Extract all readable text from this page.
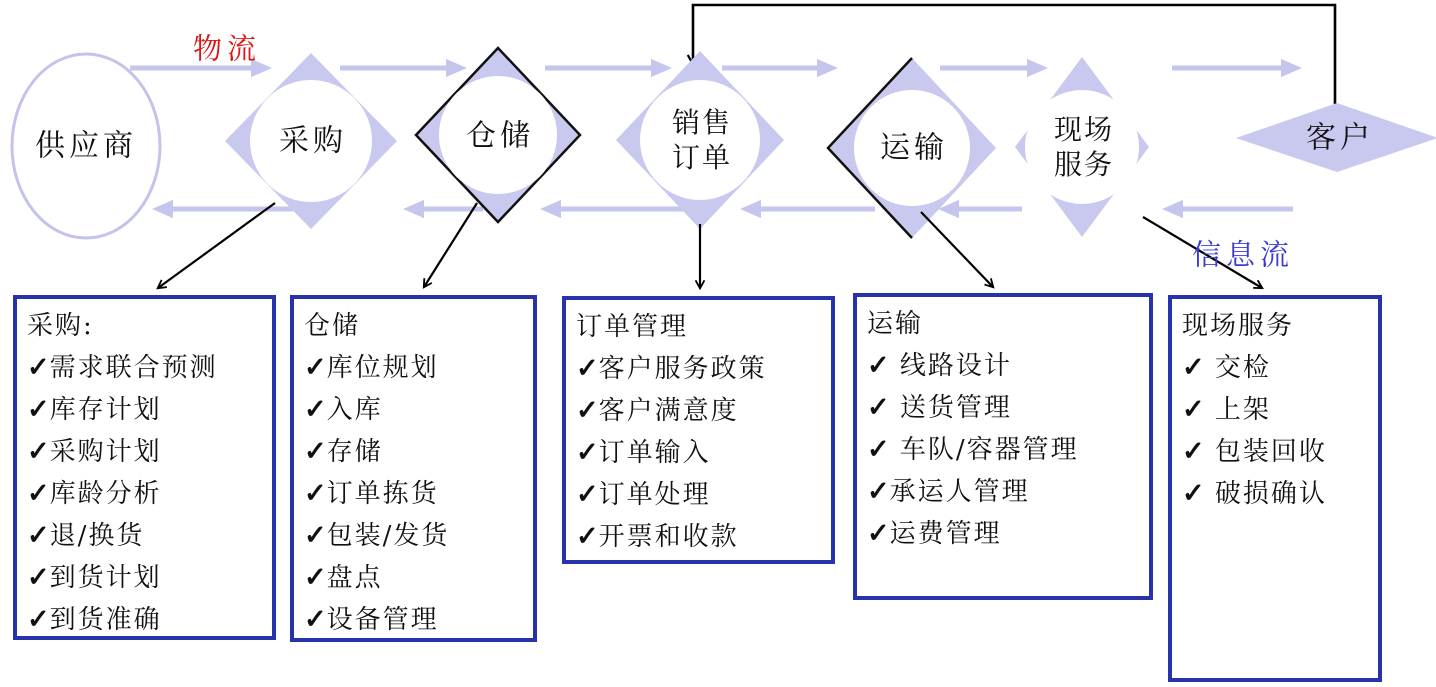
供应商	采购	仓储	销售
订单	运输
现场
服务
客户
物流
信息流
采购:
✓ 需求联合预测
✓ 库存计划
✓ 采购计划
✓ 库龄分析
✓ 退/换货
✓ 到货计划
✓ 到货准确
仓储
✓ 库位规划
✓ 入库
✓ 存储
✓ 订单拣货
✓ 包装/发货
✓ 盘点
✓ 设备管理
订单管理
✓ 客户服务政策
✓ 客户满意度
✓ 订单输入
✓ 订单处理
✓ 开票和收款
运输
✓ 线路设计
✓ 送货管理
✓ 车队/容器管理
✓ 承运人管理
✓ 运费管理
现场服务
✓ 交检
✓ 上架
✓ 包装回收
✓ 破损确认
